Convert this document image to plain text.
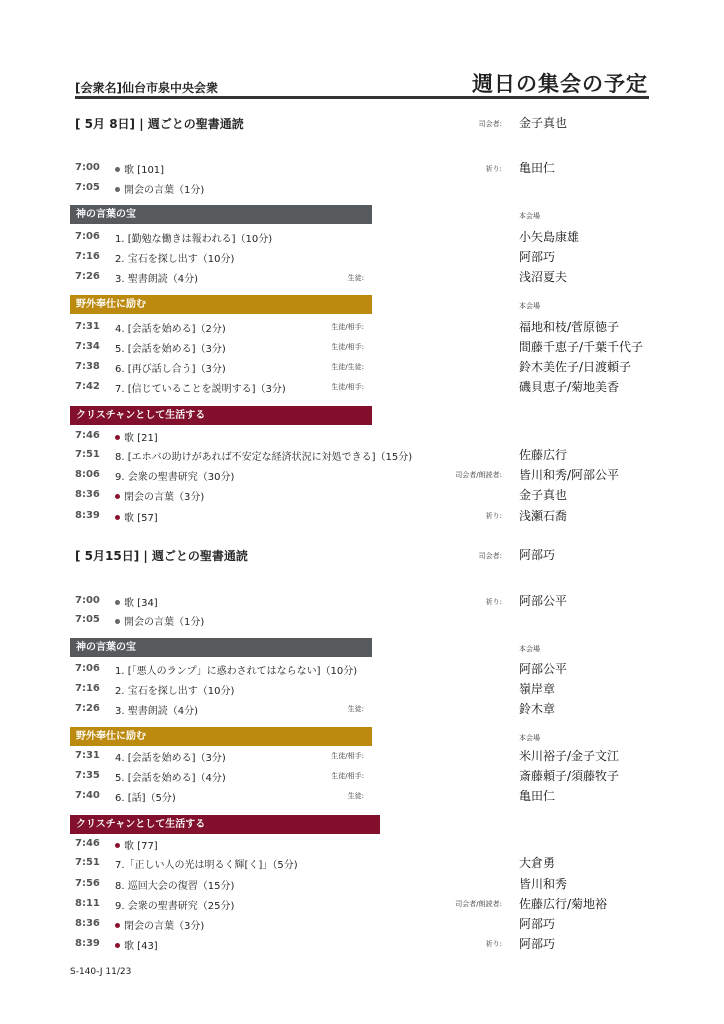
[会衆名]仙台市泉中央会衆	週日の集会の予定
[ 5月 8日] | 週ごとの聖書通読	司会者: 金子真也
7:00	歌 [101]	祈り: 亀田仁
7:05	開会の言葉（1分)
神の言葉の宝	本会場
7:06 1. [勤勉な働きは報われる]（10分)	小矢島康雄
7:16 2. 宝石を探し出す（10分)	阿部巧
7:26 3. 聖書朗読（4分)	生徒:	浅沼夏夫
野外奉仕に励む	本会場
7:31 4. [会話を始める]（2分)	生徒/相手:	福地和枝/菅原徳子
7:34 5. [会話を始める]（3分)	生徒/相手:	間藤千恵子/千葉千代子
7:38 6. [再び話し合う]（3分)	生徒/生徒:	鈴木美佐子/日渡頼子
7:42 7. [信じていることを説明する]（3分)	生徒/相手:	磯貝恵子/菊地美香
クリスチャンとして生活する
7:46	歌 [21]
7:51 8. [エホバの助けがあれば不安定な経済状況に対処できる]（15分)	佐藤広行
8:06 9. 会衆の聖書研究（30分)	司会者/朗読者: 皆川和秀/阿部公平
8:36	閉会の言葉（3分)	金子真也
8:39	歌 [57]	祈り: 浅瀬石喬
[ 5月15日] | 週ごとの聖書通読	司会者: 阿部巧
7:00	歌 [34]	祈り: 阿部公平
7:05	開会の言葉（1分)
神の言葉の宝	本会場
7:06 1. [「悪人のランプ」に惑わされてはならない]（10分)	阿部公平
7:16 2. 宝石を探し出す（10分)	嶺岸章
7:26 3. 聖書朗読（4分)	生徒:	鈴木章
野外奉仕に励む	本会場
7:31 4. [会話を始める]（3分)	生徒/相手:	米川裕子/金子文江
7:35 5. [会話を始める]（4分)	生徒/相手:	斎藤頼子/須藤牧子
7:40 6. [話]（5分)	生徒:	亀田仁
クリスチャンとして生活する
7:46	歌 [77]
7:51 7.「正しい人の光は明るく輝[く]」（5分)	大倉勇
7:56 8. 巡回大会の復習（15分)	皆川和秀
8:11 9. 会衆の聖書研究（25分)	司会者/朗読者: 佐藤広行/菊地裕
8:36	閉会の言葉（3分)	阿部巧
8:39	歌 [43]	祈り: 阿部巧
S-140-J 11/23
